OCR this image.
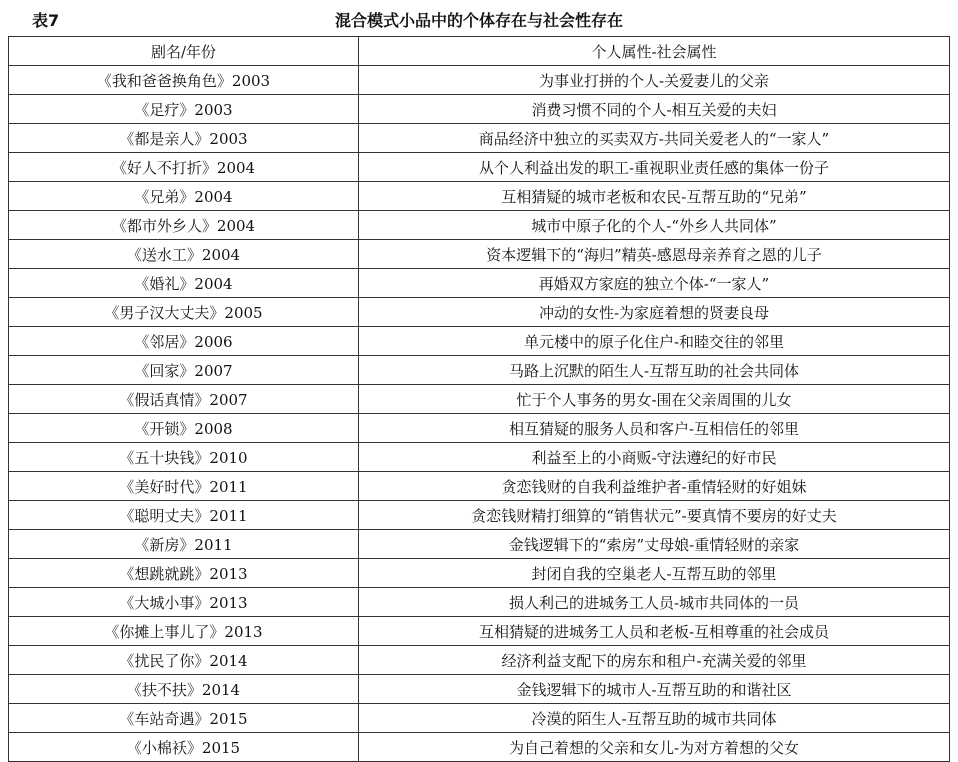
表7	混合模式小品中的个体存在与社会性存在
剧名/年份	个人属性-社会属性
《我和爸爸换角色》2003	为事业打拼的个人-关爱妻儿的父亲
《足疗》2003	消费习惯不同的个人-相互关爱的夫妇
《都是亲人》2003	商品经济中独立的买卖双方-共同关爱老人的“一家人”
《好人不打折》2004	从个人利益出发的职工-重视职业责任感的集体一份子
《兄弟》2004	互相猜疑的城市老板和农民-互帮互助的“兄弟”
《都市外乡人》2004	城市中原子化的个人-“外乡人共同体”
《送水工》2004	资本逻辑下的“海归”精英-感恩母亲养育之恩的儿子
《婚礼》2004	再婚双方家庭的独立个体-“一家人”
《男子汉大丈夫》2005	冲动的女性-为家庭着想的贤妻良母
《邻居》2006	单元楼中的原子化住户-和睦交往的邻里
《回家》2007	马路上沉默的陌生人-互帮互助的社会共同体
《假话真情》2007	忙于个人事务的男女-围在父亲周围的儿女
《开锁》2008	相互猜疑的服务人员和客户-互相信任的邻里
《五十块钱》2010	利益至上的小商贩-守法遵纪的好市民
《美好时代》2011	贪恋钱财的自我利益维护者-重情轻财的好姐妹
《聪明丈夫》2011	贪恋钱财精打细算的“销售状元”-要真情不要房的好丈夫
《新房》2011	金钱逻辑下的“索房”丈母娘-重情轻财的亲家
《想跳就跳》2013	封闭自我的空巢老人-互帮互助的邻里
《大城小事》2013	损人利己的进城务工人员-城市共同体的一员
《你摊上事儿了》2013	互相猜疑的进城务工人员和老板-互相尊重的社会成员
《扰民了你》2014	经济利益支配下的房东和租户-充满关爱的邻里
《扶不扶》2014	金钱逻辑下的城市人-互帮互助的和谐社区
《车站奇遇》2015	冷漠的陌生人-互帮互助的城市共同体
《小棉袄》2015	为自己着想的父亲和女儿-为对方着想的父女
